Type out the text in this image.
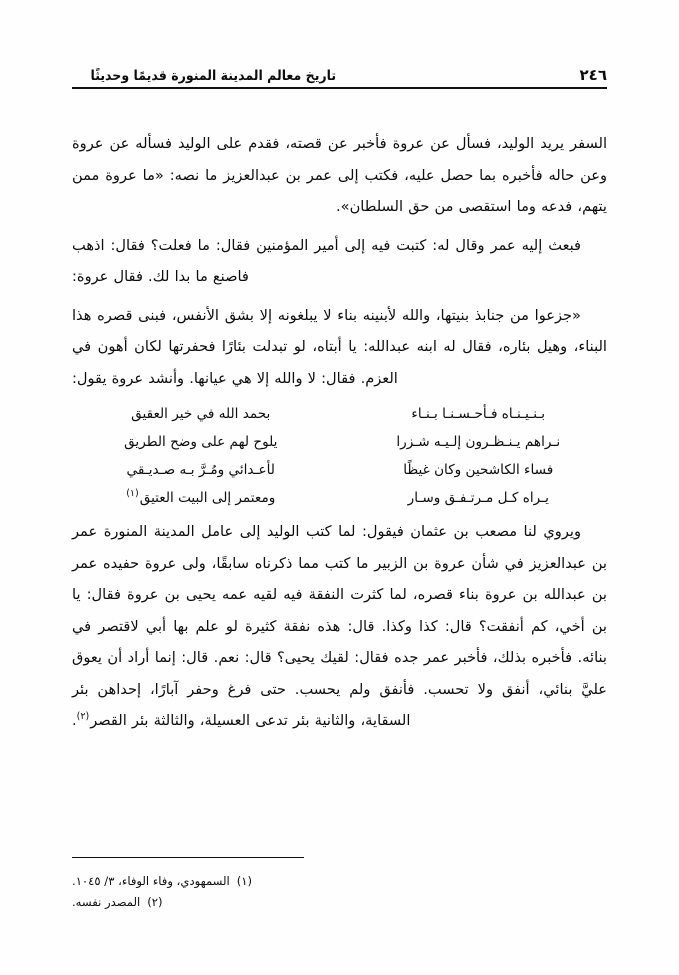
تاريخ معالم المدينة المنورة قديمًا وحديثًا	٢٤٦

السفر يريد الوليد، فسأل عن عروة فأخبر عن قصته، فقدم على الوليد فسأله عن عروة وعن حاله فأخبره بما حصل عليه، فكتب إلى عمر بن عبدالعزيز ما نصه: «ما عروة ممن يتهم، فدعه وما استقصى من حق السلطان».

فبعث إليه عمر وقال له: كتبت فيه إلى أمير المؤمنين فقال: ما فعلت؟ فقال: اذهب فاصنع ما بدا لك. فقال عروة:

«جزعوا من جنابذ بنيتها، والله لأبنينه بناء لا يبلغونه إلا بشق الأنفس، فبنى قصره هذا البناء، وهيل بئاره، فقال له ابنه عبدالله: يا أبتاه، لو تبدلت بئارًا فحفرتها لكان أهون في العزم. فقال: لا والله إلا هي عيانها. وأنشد عروة يقول:

بـنـيـنـاه فـأحـسـنـا بـنـاء	بحمد الله في خير العقيق
نـراهم يـنـظـرون إلـيـه شـزرا	يلوح لهم على وضح الطريق
فساء الكاشحين وكان غيظًا	لأعـدائي ومُـرَّ بـه صـديـقي
يـراه كـل مـرتـفـق وسـار	ومعتمر إلى البيت العتيق$^{(١)}$

ويروي لنا مصعب بن عثمان فيقول: لما كتب الوليد إلى عامل المدينة المنورة عمر بن عبدالعزيز في شأن عروة بن الزبير ما كتب مما ذكرناه سابقًا، ولى عروة حفيده عمر بن عبدالله بن عروة بناء قصره، لما كثرت النفقة فيه لقيه عمه يحيى بن عروة فقال: يا بن أخي، كم أنفقت؟ قال: كذا وكذا. قال: هذه نفقة كثيرة لو علم بها أبي لاقتصر في بنائه. فأخبره بذلك، فأخبر عمر جده فقال: لقيك يحيى؟ قال: نعم. قال: إنما أراد أن يعوق عليَّ بنائي، أنفق ولا تحسب. فأنفق ولم يحسب. حتى فرغ وحفر آبارًا، إحداهن بئر السقاية، والثانية بئر تدعى العسيلة، والثالثة بئر القصر$^{(٢)}$.

(١)السمهودي، وفاء الوفاء، ٣/ ١٠٤٥.
(٢)المصدر نفسه.
